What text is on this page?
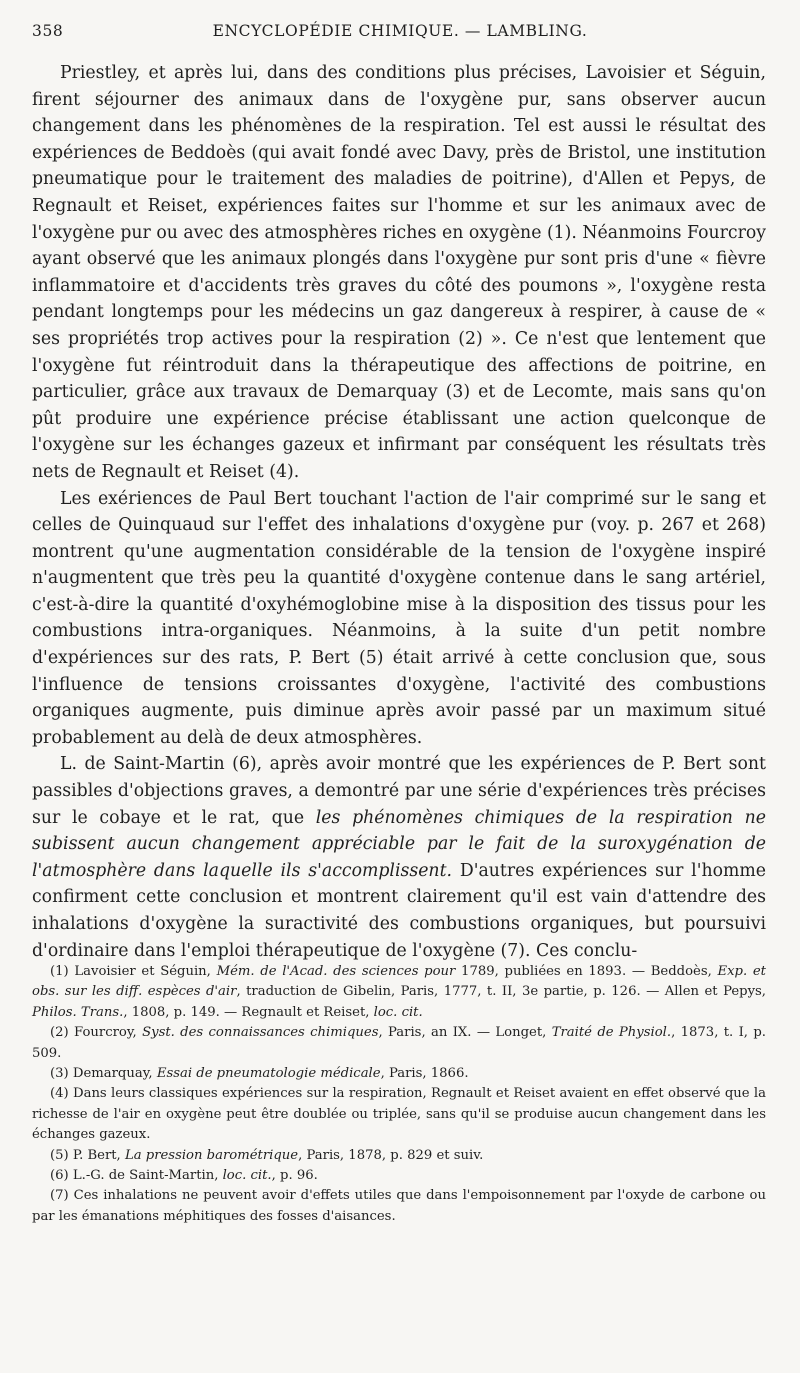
358	ENCYCLOPÉDIE CHIMIQUE. — LAMBLING.

Priestley, et après lui, dans des conditions plus précises, Lavoisier et Séguin, firent séjourner des animaux dans de l'oxygène pur, sans observer aucun changement dans les phénomènes de la respiration. Tel est aussi le résultat des expériences de Beddoès (qui avait fondé avec Davy, près de Bristol, une institution pneumatique pour le traitement des maladies de poitrine), d'Allen et Pepys, de Regnault et Reiset, expériences faites sur l'homme et sur les animaux avec de l'oxygène pur ou avec des atmosphères riches en oxygène (1). Néanmoins Fourcroy ayant observé que les animaux plongés dans l'oxygène pur sont pris d'une « fièvre inflammatoire et d'accidents très graves du côté des poumons », l'oxygène resta pendant longtemps pour les médecins un gaz dangereux à respirer, à cause de « ses propriétés trop actives pour la respiration (2) ». Ce n'est que lentement que l'oxygène fut réintroduit dans la thérapeutique des affections de poitrine, en particulier, grâce aux travaux de Demarquay (3) et de Lecomte, mais sans qu'on pût produire une expérience précise établissant une action quelconque de l'oxygène sur les échanges gazeux et infirmant par conséquent les résultats très nets de Regnault et Reiset (4).

Les exériences de Paul Bert touchant l'action de l'air comprimé sur le sang et celles de Quinquaud sur l'effet des inhalations d'oxygène pur (voy. p. 267 et 268) montrent qu'une augmentation considérable de la tension de l'oxygène inspiré n'augmentent que très peu la quantité d'oxygène contenue dans le sang artériel, c'est-à-dire la quantité d'oxyhémoglobine mise à la disposition des tissus pour les combustions intra-organiques. Néanmoins, à la suite d'un petit nombre d'expériences sur des rats, P. Bert (5) était arrivé à cette conclusion que, sous l'influence de tensions croissantes d'oxygène, l'activité des combustions organiques augmente, puis diminue après avoir passé par un maximum situé probablement au delà de deux atmosphères.

L. de Saint-Martin (6), après avoir montré que les expériences de P. Bert sont passibles d'objections graves, a demontré par une série d'expériences très précises sur le cobaye et le rat, que les phénomènes chimiques de la respiration ne subissent aucun changement appréciable par le fait de la suroxygénation de l'atmosphère dans laquelle ils s'accomplissent. D'autres expériences sur l'homme confirment cette conclusion et montrent clairement qu'il est vain d'attendre des inhalations d'oxygène la suractivité des combustions organiques, but poursuivi d'ordinaire dans l'emploi thérapeutique de l'oxygène (7). Ces conclu-

(1) Lavoisier et Séguin, Mém. de l'Acad. des sciences pour 1789, publiées en 1893. — Beddoès, Exp. et obs. sur les diff. espèces d'air, traduction de Gibelin, Paris, 1777, t. II, 3e partie, p. 126. — Allen et Pepys, Philos. Trans., 1808, p. 149. — Regnault et Reiset, loc. cit.

(2) Fourcroy, Syst. des connaissances chimiques, Paris, an IX. — Longet, Traité de Physiol., 1873, t. I, p. 509.

(3) Demarquay, Essai de pneumatologie médicale, Paris, 1866.

(4) Dans leurs classiques expériences sur la respiration, Regnault et Reiset avaient en effet observé que la richesse de l'air en oxygène peut être doublée ou triplée, sans qu'il se produise aucun changement dans les échanges gazeux.

(5) P. Bert, La pression barométrique, Paris, 1878, p. 829 et suiv.

(6) L.-G. de Saint-Martin, loc. cit., p. 96.

(7) Ces inhalations ne peuvent avoir d'effets utiles que dans l'empoisonnement par l'oxyde de carbone ou par les émanations méphitiques des fosses d'aisances.
